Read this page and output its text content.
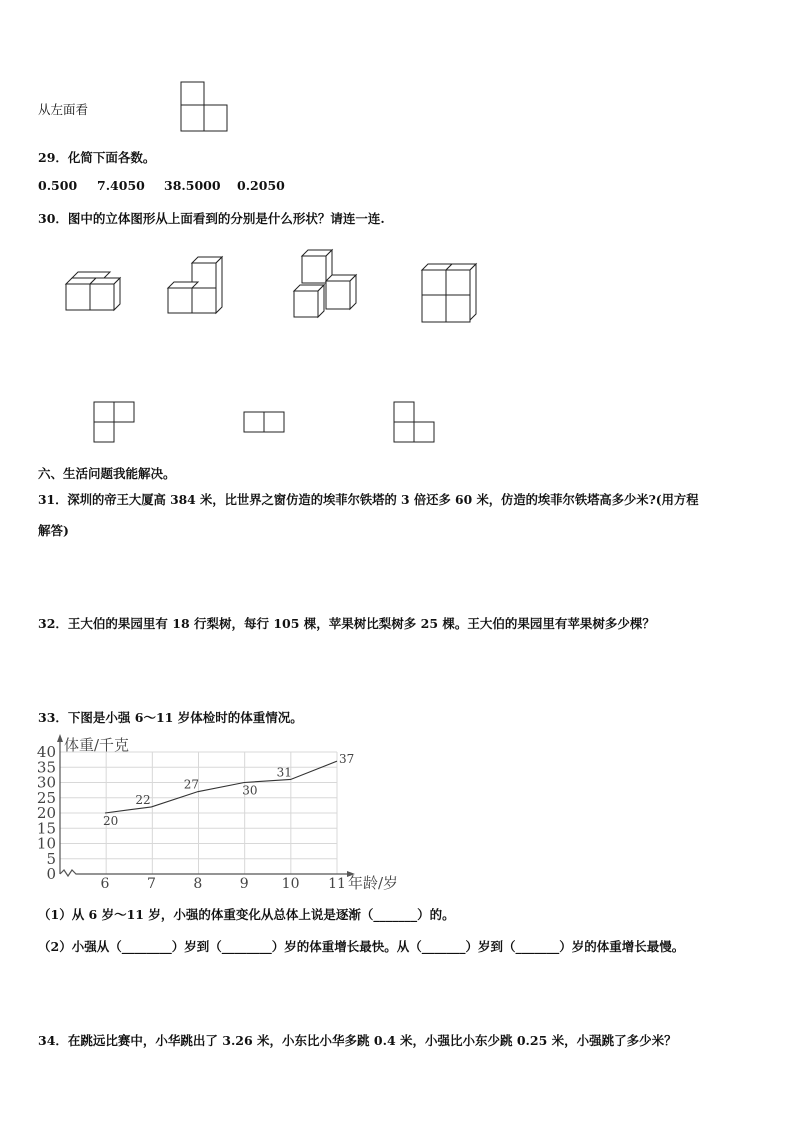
从左面看
29．化简下面各数。
0.500 7.4050 38.5000 0.2050
30．图中的立体图形从上面看到的分别是什么形状？请连一连.
六、生活问题我能解决。
31．深圳的帝王大厦高 384 米，比世界之窗仿造的埃菲尔铁塔的 3 倍还多 60 米，仿造的埃菲尔铁塔高多少米?(用方程
解答)
32．王大伯的果园里有 18 行梨树，每行 105 棵，苹果树比梨树多 25 棵。王大伯的果园里有苹果树多少棵？
33．下图是小强 6～11 岁体检时的体重情况。
0
5
10
15
20
25
30
35
40
6	7	8	9 10 11
体重/千克
年龄/岁
20
22
27	30
31
37
（1）从 6 岁～11 岁，小强的体重变化从总体上说是逐渐（_______）的。
（2）小强从（________）岁到（________）岁的体重增长最快。从（_______）岁到（_______）岁的体重增长最慢。
34．在跳远比赛中，小华跳出了 3.26 米，小东比小华多跳 0.4 米，小强比小东少跳 0.25 米，小强跳了多少米？
